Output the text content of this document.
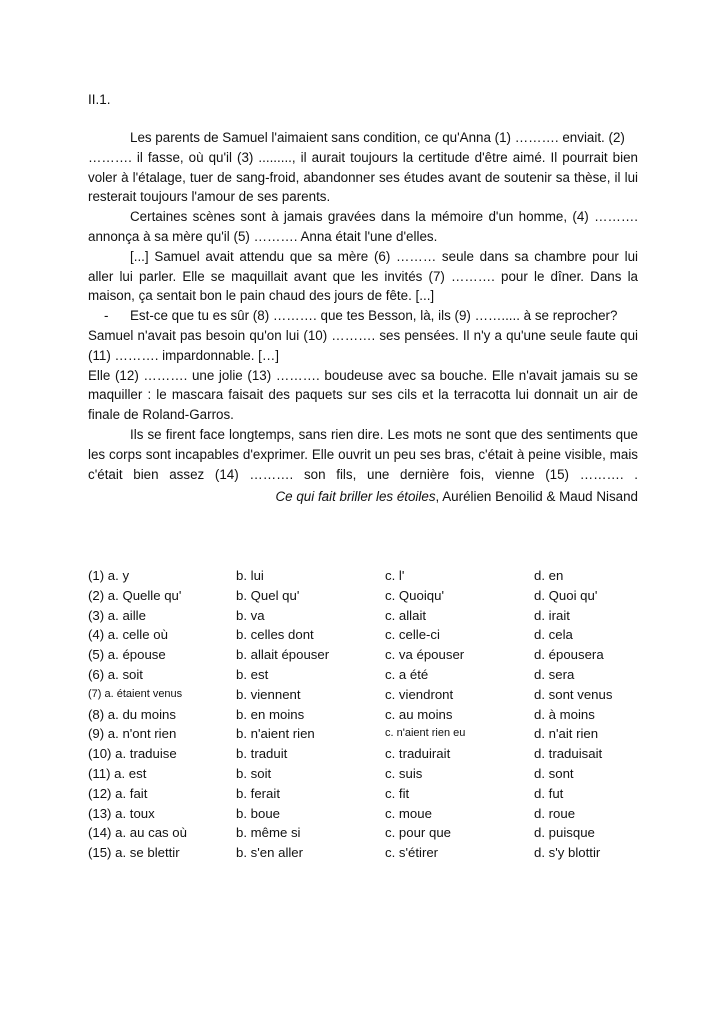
II.1.

Les parents de Samuel l'aimaient sans condition, ce qu'Anna (1) ………. enviait. (2)

………. il fasse, où qu'il (3) ........., il aurait toujours la certitude d'être aimé. Il pourrait bien voler à l'étalage, tuer de sang-froid, abandonner ses études avant de soutenir sa thèse, il lui resterait toujours l'amour de ses parents.

Certaines scènes sont à jamais gravées dans la mémoire d'un homme, (4) ………. annonça à sa mère qu'il (5) ………. Anna était l'une d'elles.

[...] Samuel avait attendu que sa mère (6) ……… seule dans sa chambre pour lui aller lui parler. Elle se maquillait avant que les invités (7) ………. pour le dîner. Dans la maison, ça sentait bon le pain chaud des jours de fête. [...]

- Est-ce que tu es sûr (8) ………. que tes Besson, là, ils (9) ……..... à se reprocher?

Samuel n'avait pas besoin qu'on lui (10) ………. ses pensées. Il n'y a qu'une seule faute qui (11) ………. impardonnable. […]

Elle (12) ………. une jolie (13) ………. boudeuse avec sa bouche. Elle n'avait jamais su se maquiller : le mascara faisait des paquets sur ses cils et la terracotta lui donnait un air de finale de Roland-Garros.

Ils se firent face longtemps, sans rien dire. Les mots ne sont que des sentiments que les corps sont incapables d'exprimer. Elle ouvrit un peu ses bras, c'était à peine visible, mais c'était bien assez (14) ………. son fils, une dernière fois, vienne (15) ………. .

Ce qui fait briller les étoiles, Aurélien Benoilid & Maud Nisand

(1) a. y	b. lui	c. l'	d. en
(2) a. Quelle qu'	b. Quel qu'	c. Quoiqu'	d. Quoi qu'
(3) a. aille	b. va	c. allait	d. irait
(4) a. celle où	b. celles dont	c. celle-ci	d. cela
(5) a. épouse	b. allait épouser	c. va épouser	d. épousera
(6) a. soit	b. est	c. a été	d. sera
(7) a. étaient venus	b. viennent	c. viendront	d. sont venus
(8) a. du moins	b. en moins	c. au moins	d. à moins
(9) a. n'ont rien	b. n'aient rien	c. n'aient rien eu	d. n'ait rien
(10) a. traduise	b. traduit	c. traduirait	d. traduisait
(11) a. est	b. soit	c. suis	d. sont
(12) a. fait	b. ferait	c. fit	d. fut
(13) a. toux	b. boue	c. moue	d. roue
(14) a. au cas où	b. même si	c. pour que	d. puisque
(15) a. se blettir	b. s'en aller	c. s'étirer	d. s'y blottir
